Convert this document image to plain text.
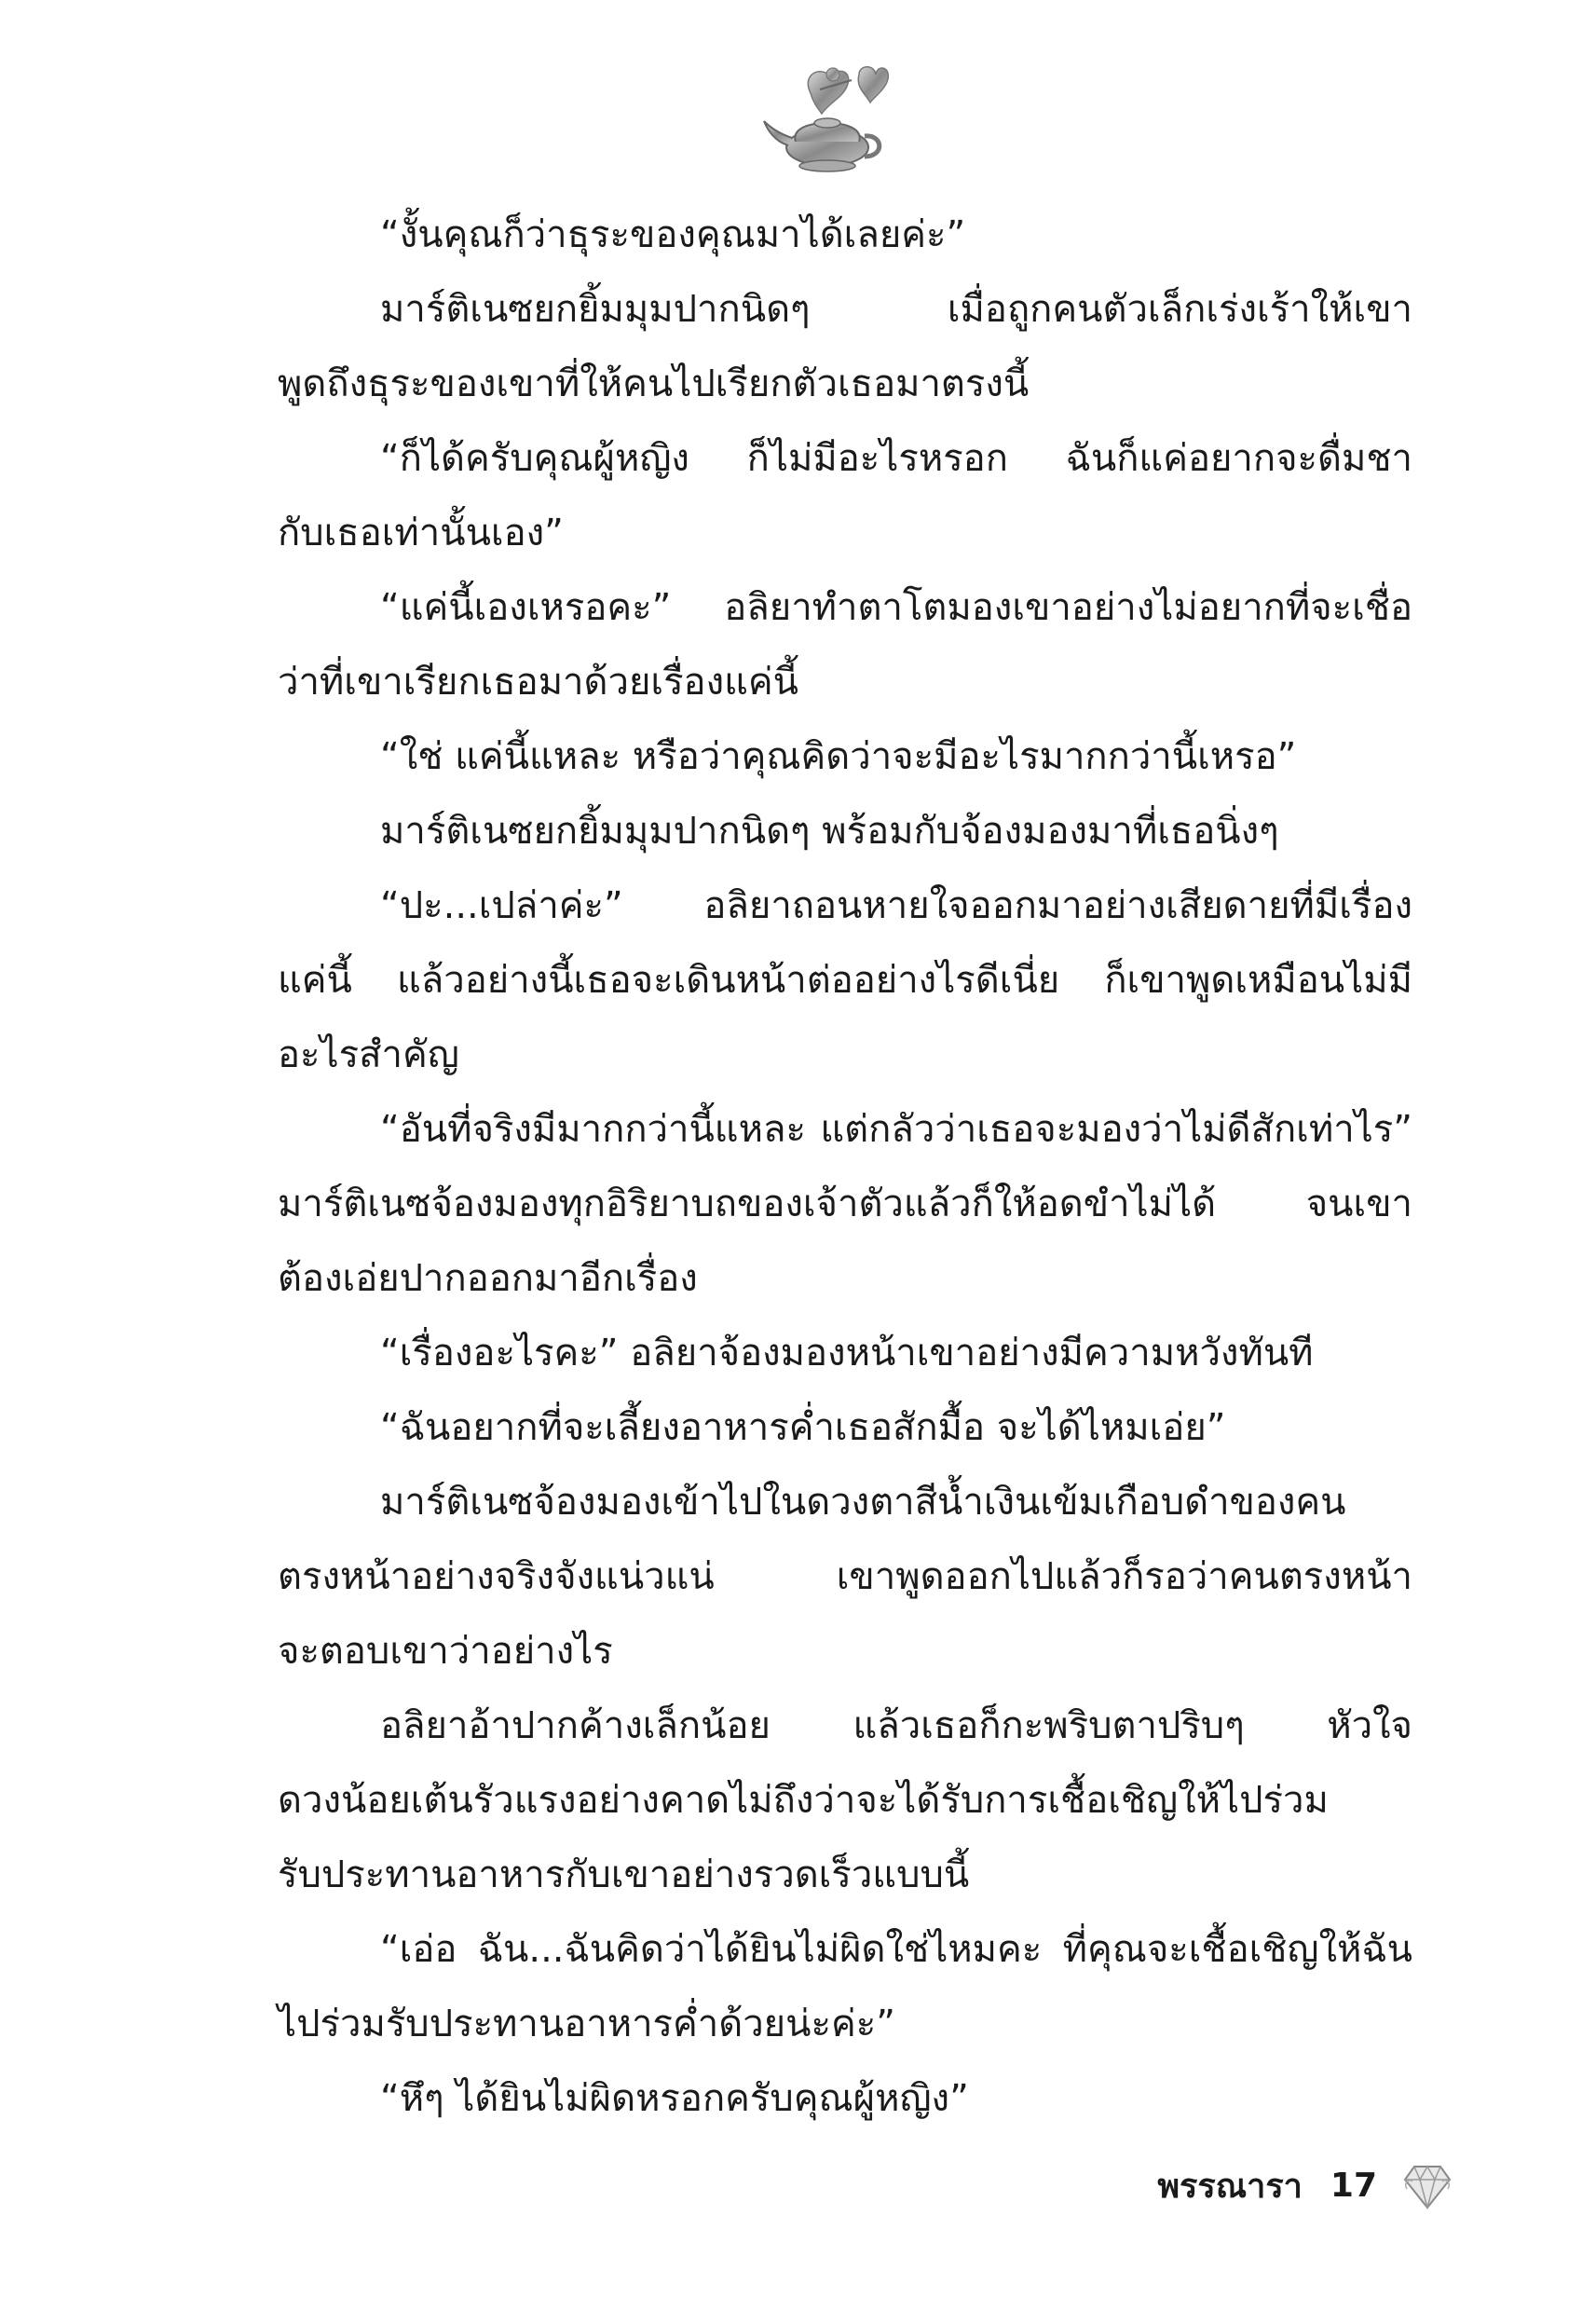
“งั้นคุณก็ว่าธุระของคุณมาได้เลยค่ะ”
มาร์ติเนซยกยิ้มมุมปากนิดๆ เมื่อถูกคนตัวเล็กเร่งเร้าให้เขา
พูดถึงธุระของเขาที่ให้คนไปเรียกตัวเธอมาตรงนี้
“ก็ได้ครับคุณผู้หญิง ก็ไม่มีอะไรหรอก ฉันก็แค่อยากจะดื่มชา
กับเธอเท่านั้นเอง”
“แค่นี้เองเหรอคะ” อลิยาทำตาโตมองเขาอย่างไม่อยากที่จะเชื่อ
ว่าที่เขาเรียกเธอมาด้วยเรื่องแค่นี้
“ใช่ แค่นี้แหละ หรือว่าคุณคิดว่าจะมีอะไรมากกว่านี้เหรอ”
มาร์ติเนซยกยิ้มมุมปากนิดๆ พร้อมกับจ้องมองมาที่เธอนิ่งๆ
“ปะ...เปล่าค่ะ” อลิยาถอนหายใจออกมาอย่างเสียดายที่มีเรื่อง
แค่นี้ แล้วอย่างนี้เธอจะเดินหน้าต่ออย่างไรดีเนี่ย ก็เขาพูดเหมือนไม่มี
อะไรสำคัญ
“อันที่จริงมีมากกว่านี้แหละ แต่กลัวว่าเธอจะมองว่าไม่ดีสักเท่าไร”
มาร์ติเนซจ้องมองทุกอิริยาบถของเจ้าตัวแล้วก็ให้อดขำไม่ได้ จนเขา
ต้องเอ่ยปากออกมาอีกเรื่อง
“เรื่องอะไรคะ” อลิยาจ้องมองหน้าเขาอย่างมีความหวังทันที
“ฉันอยากที่จะเลี้ยงอาหารค่ำเธอสักมื้อ จะได้ไหมเอ่ย”
มาร์ติเนซจ้องมองเข้าไปในดวงตาสีน้ำเงินเข้มเกือบดำของคน
ตรงหน้าอย่างจริงจังแน่วแน่ เขาพูดออกไปแล้วก็รอว่าคนตรงหน้า
จะตอบเขาว่าอย่างไร
อลิยาอ้าปากค้างเล็กน้อย แล้วเธอก็กะพริบตาปริบๆ หัวใจ
ดวงน้อยเต้นรัวแรงอย่างคาดไม่ถึงว่าจะได้รับการเชื้อเชิญให้ไปร่วม
รับประทานอาหารกับเขาอย่างรวดเร็วแบบนี้
“เอ่อ ฉัน...ฉันคิดว่าได้ยินไม่ผิดใช่ไหมคะ ที่คุณจะเชื้อเชิญให้ฉัน
ไปร่วมรับประทานอาหารค่ำด้วยน่ะค่ะ”
“หึๆ ได้ยินไม่ผิดหรอกครับคุณผู้หญิง”
พรรณารา 17
